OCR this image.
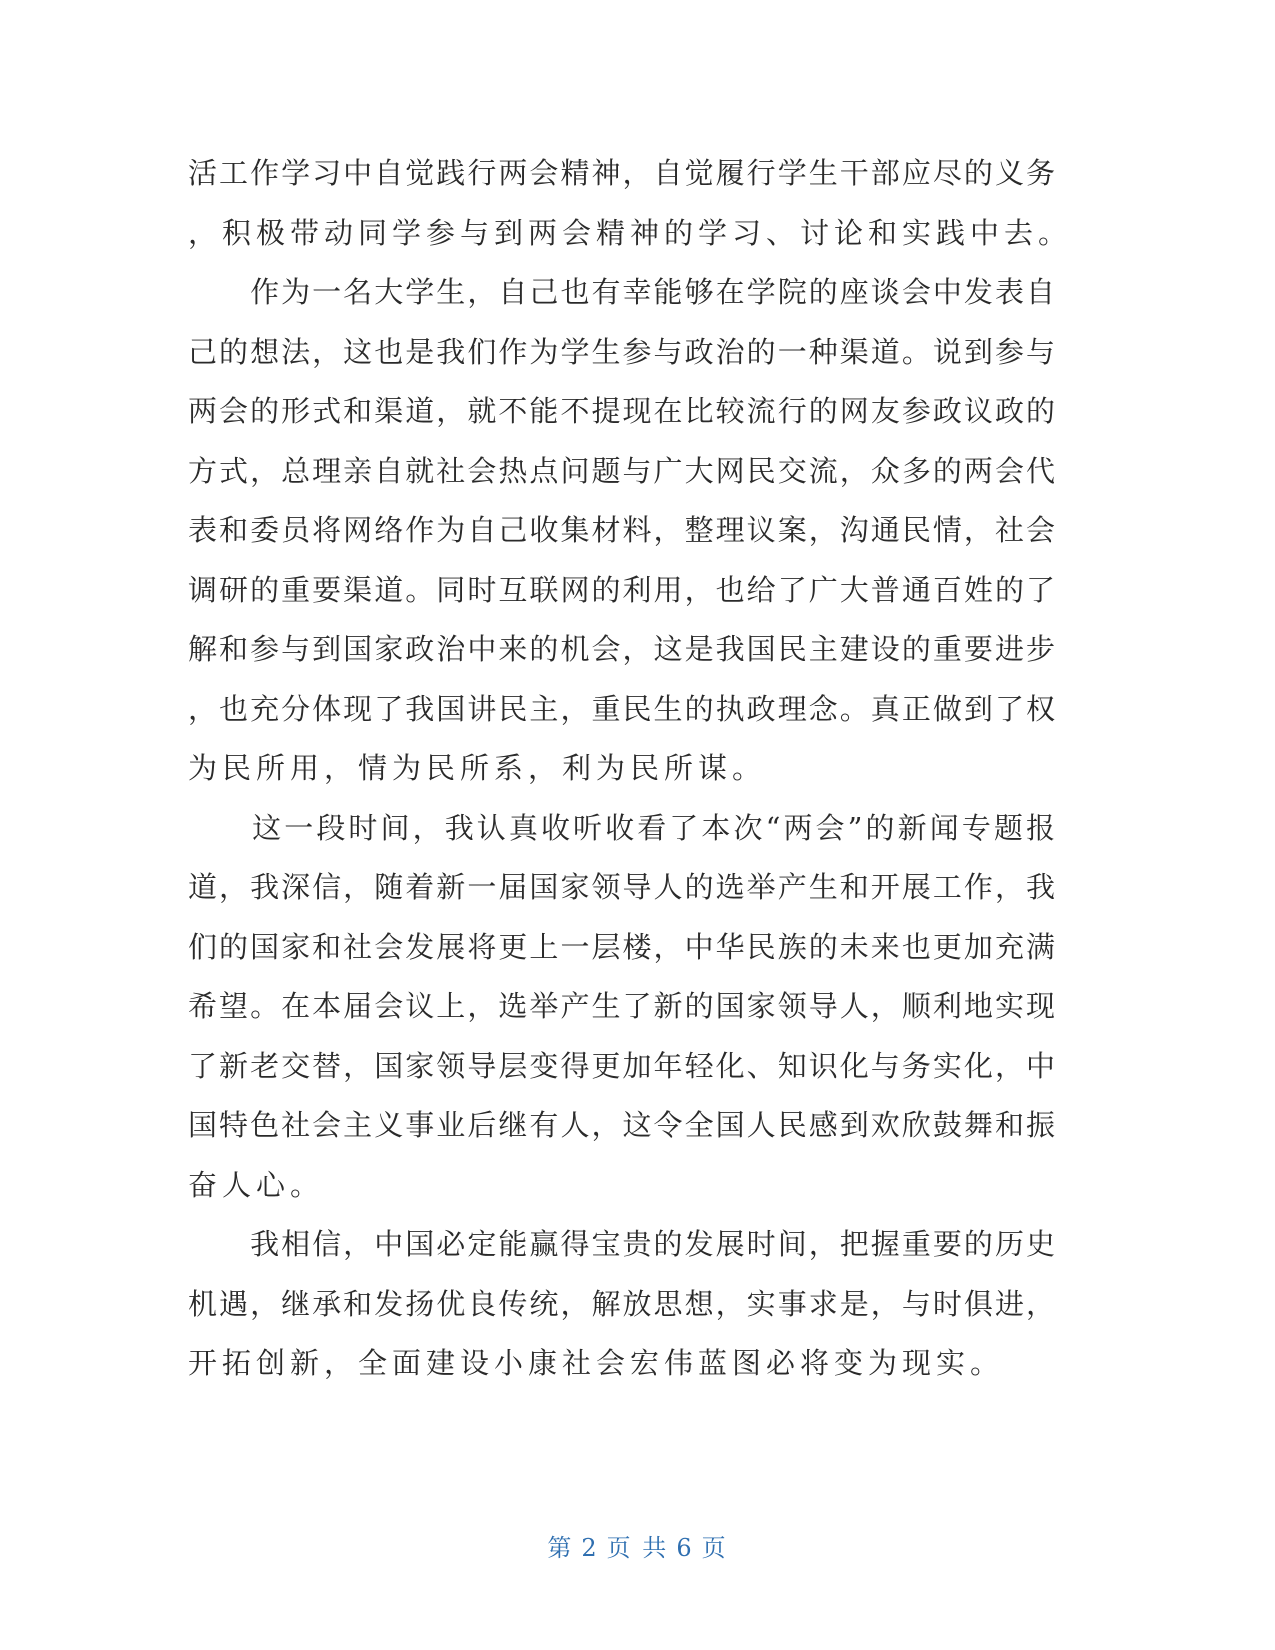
活工作学习中自觉践行两会精神，自觉履行学生干部应尽的义务
，积极带动同学参与到两会精神的学习、讨论和实践中去。
　　作为一名大学生，自己也有幸能够在学院的座谈会中发表自
己的想法，这也是我们作为学生参与政治的一种渠道。说到参与
两会的形式和渠道，就不能不提现在比较流行的网友参政议政的
方式，总理亲自就社会热点问题与广大网民交流，众多的两会代
表和委员将网络作为自己收集材料，整理议案，沟通民情，社会
调研的重要渠道。同时互联网的利用，也给了广大普通百姓的了
解和参与到国家政治中来的机会，这是我国民主建设的重要进步
，也充分体现了我国讲民主，重民生的执政理念。真正做到了权
为民所用，情为民所系，利为民所谋。
　　这一段时间，我认真收听收看了本次“两会”的新闻专题报
道，我深信，随着新一届国家领导人的选举产生和开展工作，我
们的国家和社会发展将更上一层楼，中华民族的未来也更加充满
希望。在本届会议上，选举产生了新的国家领导人，顺利地实现
了新老交替，国家领导层变得更加年轻化、知识化与务实化，中
国特色社会主义事业后继有人，这令全国人民感到欢欣鼓舞和振
奋人心。
　　我相信，中国必定能赢得宝贵的发展时间，把握重要的历史
机遇，继承和发扬优良传统，解放思想，实事求是，与时俱进，
开拓创新，全面建设小康社会宏伟蓝图必将变为现实。
第 2 页 共 6 页
